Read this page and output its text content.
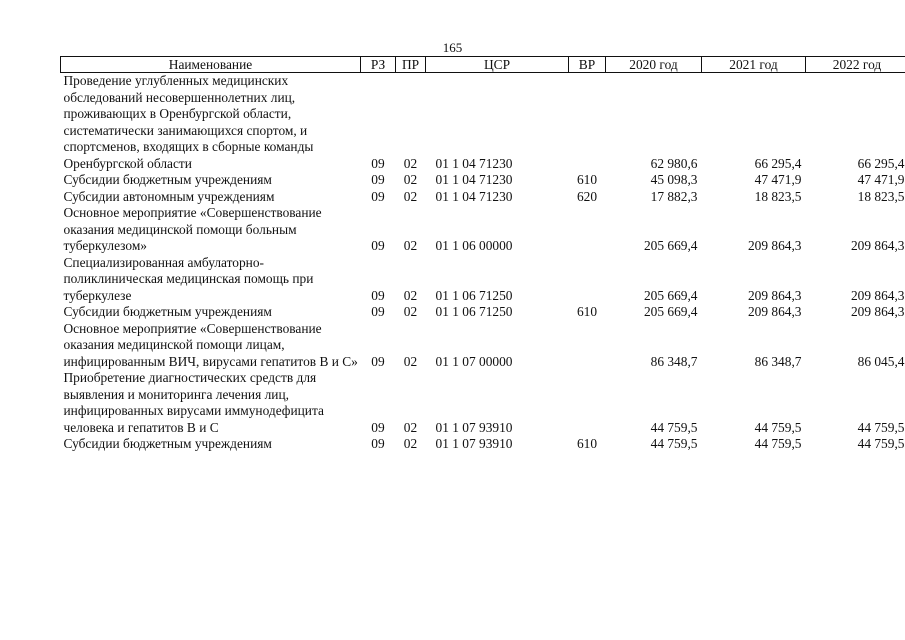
165
Наименование	РЗ	ПР	ЦСР	ВР	2020 год	2021 год	2022 год
Проведение углубленных медицинских обследований несовершеннолетних лиц, проживающих в Оренбургской области, систематически занимающихся спортом, и спортсменов, входящих в сборные команды Оренбургской области	09	02	01 1 04 71230		62 980,6	66 295,4	66 295,4
Субсидии бюджетным учреждениям	09	02	01 1 04 71230	610	45 098,3	47 471,9	47 471,9
Субсидии автономным учреждениям	09	02	01 1 04 71230	620	17 882,3	18 823,5	18 823,5
Основное мероприятие «Совершенствование оказания медицинской помощи больным туберкулезом»	09	02	01 1 06 00000		205 669,4	209 864,3	209 864,3
Специализированная амбулаторно-поликлиническая медицинская помощь при туберкулезе	09	02	01 1 06 71250		205 669,4	209 864,3	209 864,3
Субсидии бюджетным учреждениям	09	02	01 1 06 71250	610	205 669,4	209 864,3	209 864,3
Основное мероприятие «Совершенствование оказания медицинской помощи лицам, инфицированным ВИЧ, вирусами гепатитов В и С»	09	02	01 1 07 00000		86 348,7	86 348,7	86 045,4
Приобретение диагностических средств для выявления и мониторинга лечения лиц, инфицированных вирусами иммунодефицита человека и гепатитов В и С	09	02	01 1 07 93910		44 759,5	44 759,5	44 759,5
Субсидии бюджетным учреждениям	09	02	01 1 07 93910	610	44 759,5	44 759,5	44 759,5
